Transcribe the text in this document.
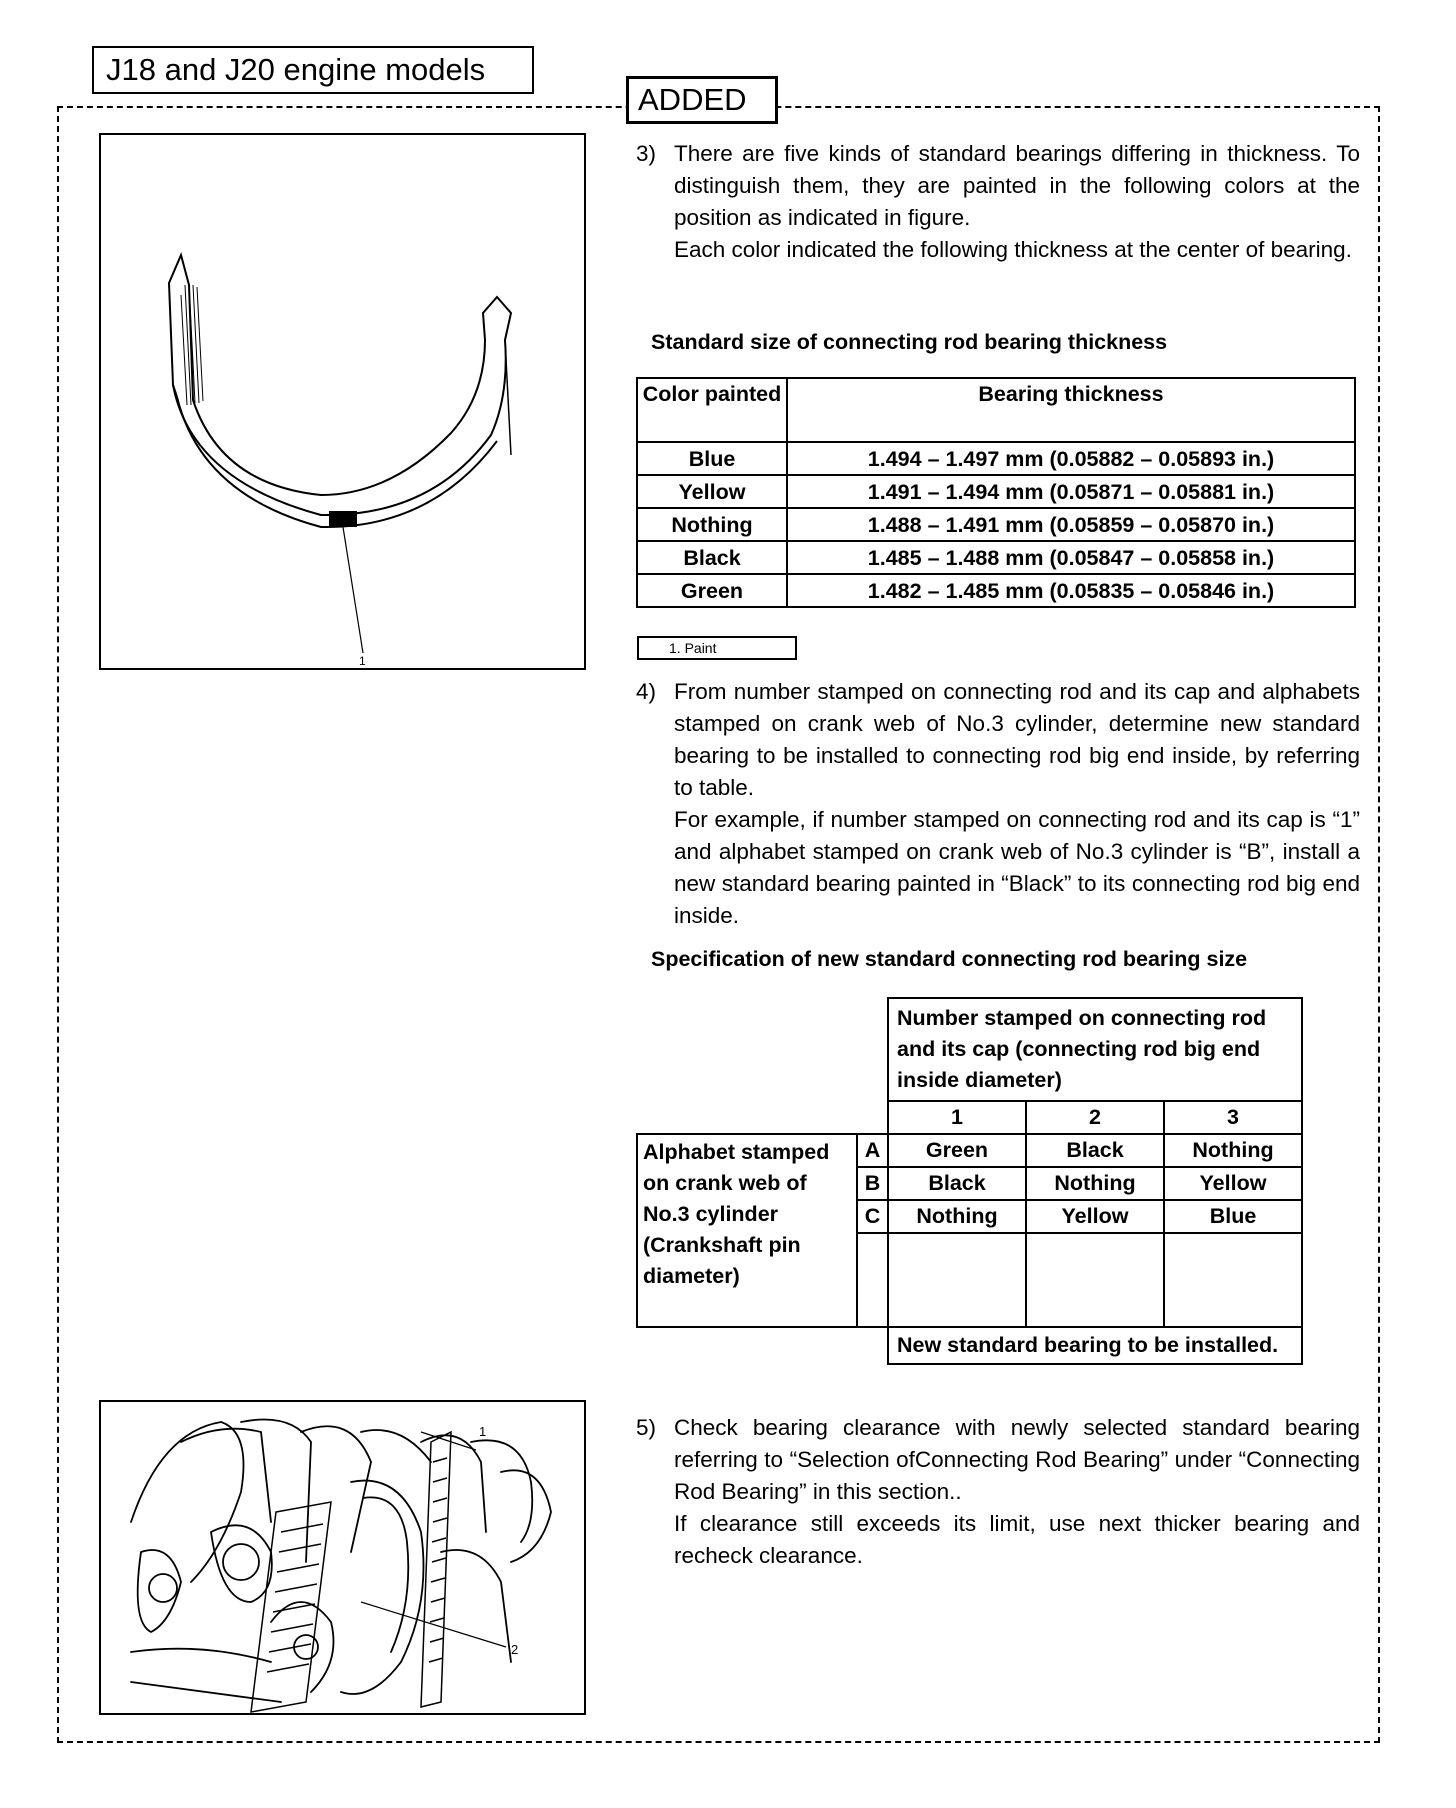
J18 and J20 engine models
ADDED
1
1
2
3) There are five kinds of standard bearings differing in thickness. To distinguish them, they are painted in the following colors at the position as indicated in figure.

Each color indicated the following thickness at the center of bearing.

Standard size of connecting rod bearing thickness
Color painted	Bearing thickness
Blue	1.494 – 1.497 mm (0.05882 – 0.05893 in.)
Yellow	1.491 – 1.494 mm (0.05871 – 0.05881 in.)
Nothing	1.488 – 1.491 mm (0.05859 – 0.05870 in.)
Black	1.485 – 1.488 mm (0.05847 – 0.05858 in.)
Green	1.482 – 1.485 mm (0.05835 – 0.05846 in.)
1. Paint
4) From number stamped on connecting rod and its cap and alphabets stamped on crank web of No.3 cylinder, determine new standard bearing to be installed to connecting rod big end inside, by referring to table.

For example, if number stamped on connecting rod and its cap is “1” and alphabet stamped on crank web of No.3 cylinder is “B”, install a new standard bearing painted in “Black” to its connecting rod big end inside.

Specification of new standard connecting rod bearing size
		Number stamped on connecting rod and its cap (connecting rod big end inside diameter)		
		1	2	3
Alphabet stamped on crank web of No.3 cylinder (Crankshaft pin diameter)	A	Green	Black	Nothing
	B	Black	Nothing	Yellow
	C	Nothing	Yellow	Blue

		New standard bearing to be installed.		
5) Check bearing clearance with newly selected standard bearing referring to “Selection ofConnecting Rod Bearing” under “Connecting Rod Bearing” in this section..

If clearance still exceeds its limit, use next thicker bearing and recheck clearance.
